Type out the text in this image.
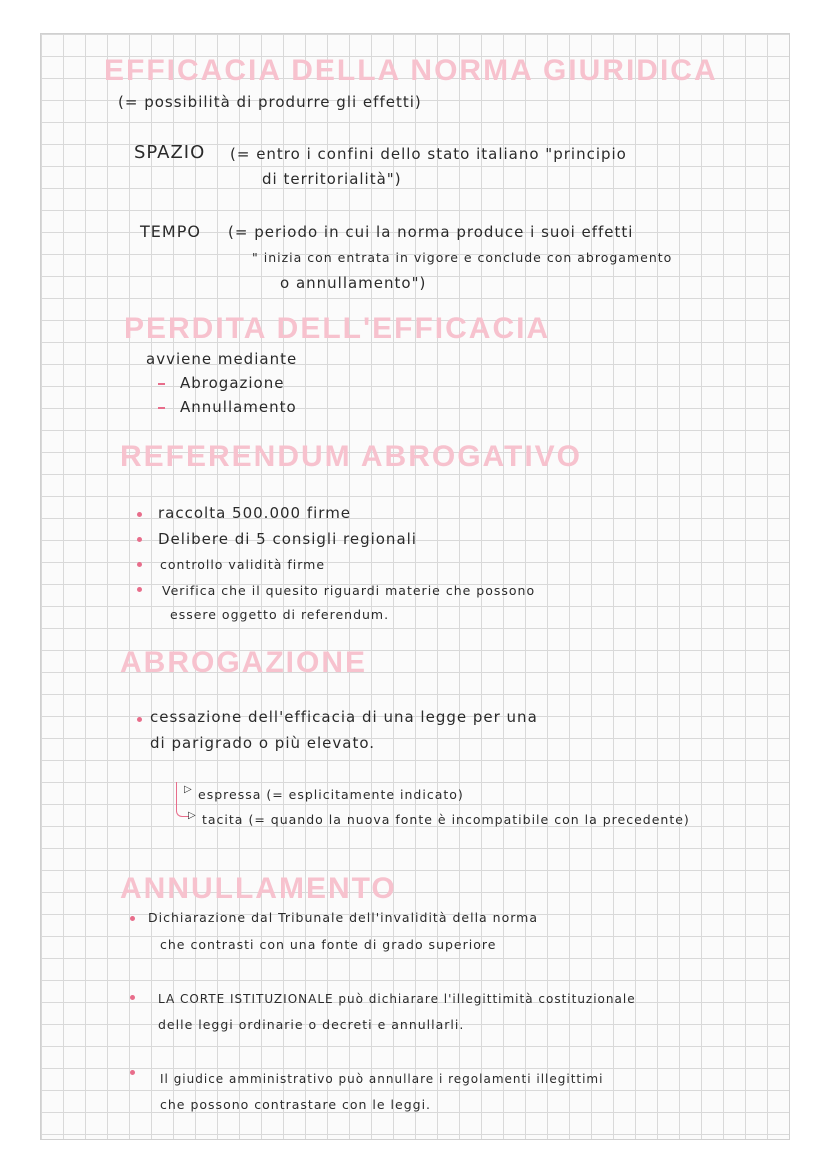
EFFICACIA DELLA NORMA GIURIDICA
(= possibilità di produrre gli effetti)
SPAZIO (= entro i confini dello stato italiano "principio
di territorialità")
TEMPO (= periodo in cui la norma produce i suoi effetti
" inizia con entrata in vigore e conclude con abrogamento
o annullamento")
PERDITA DELL'EFFICACIA
avviene mediante
Abrogazione
Annullamento
REFERENDUM ABROGATIVO
raccolta 500.000 firme
Delibere di 5 consigli regionali
controllo validità firme
Verifica che il quesito riguardi materie che possono
essere oggetto di referendum.
ABROGAZIONE
cessazione dell'efficacia di una legge per una
di parigrado o più elevato.
▷ espressa (= esplicitamente indicato)
▷ tacita (= quando la nuova fonte è incompatibile con la precedente)
ANNULLAMENTO
Dichiarazione dal Tribunale dell'invalidità della norma
che contrasti con una fonte di grado superiore
LA CORTE ISTITUZIONALE può dichiarare l'illegittimità costituzionale
delle leggi ordinarie o decreti e annullarli.
Il giudice amministrativo può annullare i regolamenti illegittimi
che possono contrastare con le leggi.
